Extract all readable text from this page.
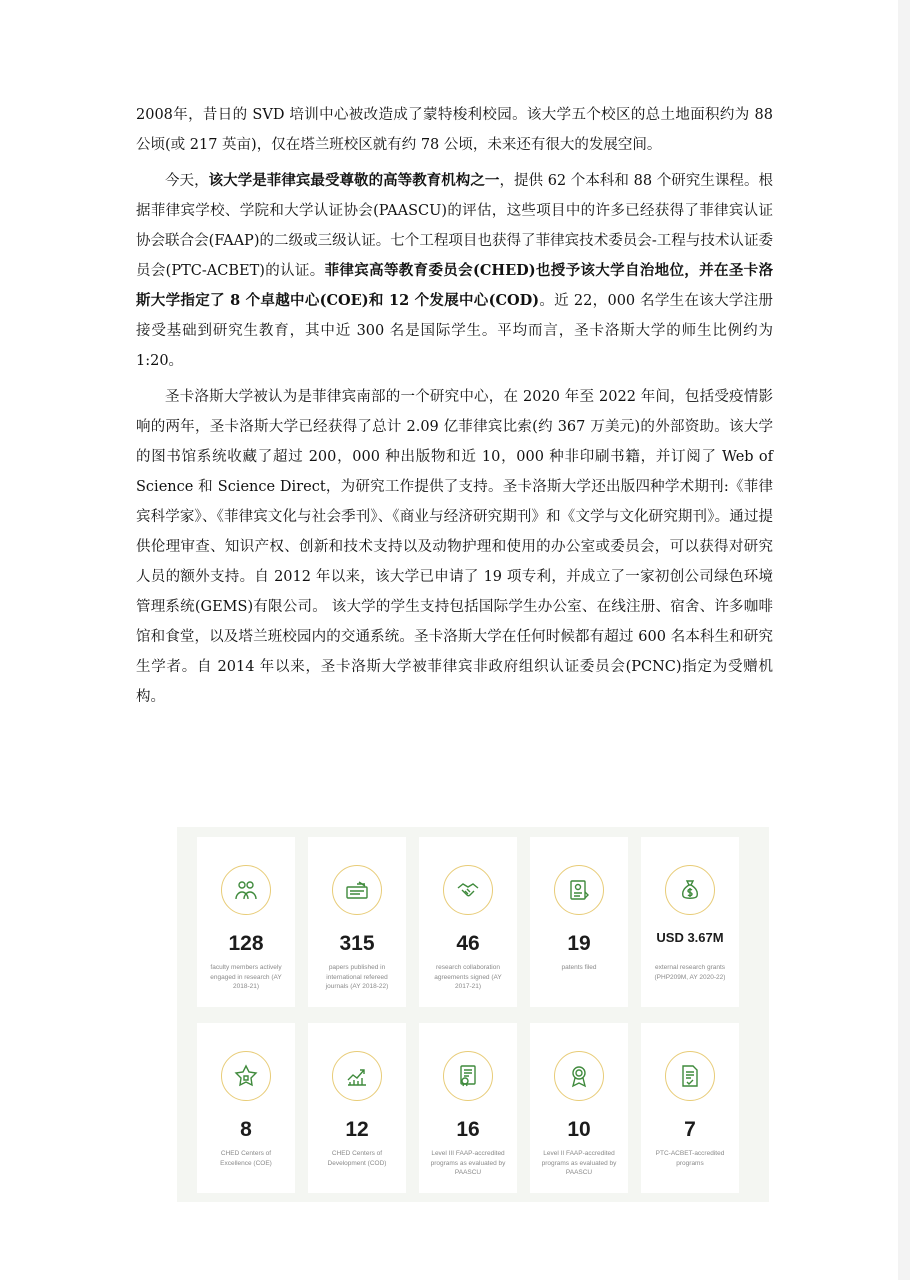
2008年，昔日的 SVD 培训中心被改造成了蒙特梭利校园。该大学五个校区的总土地面积约为 88 公顷(或 217 英亩)，仅在塔兰班校区就有约 78 公顷，未来还有很大的发展空间。

今天，该大学是菲律宾最受尊敬的高等教育机构之一，提供 62 个本科和 88 个研究生课程。根据菲律宾学校、学院和大学认证协会(PAASCU)的评估，这些项目中的许多已经获得了菲律宾认证协会联合会(FAAP)的二级或三级认证。七个工程项目也获得了菲律宾技术委员会-工程与技术认证委员会(PTC-ACBET)的认证。菲律宾高等教育委员会(CHED)也授予该大学自治地位，并在圣卡洛斯大学指定了 8 个卓越中心(COE)和 12 个发展中心(COD)。近 22，000 名学生在该大学注册接受基础到研究生教育，其中近 300 名是国际学生。平均而言，圣卡洛斯大学的师生比例约为 1:20。

圣卡洛斯大学被认为是菲律宾南部的一个研究中心，在 2020 年至 2022 年间，包括受疫情影响的两年，圣卡洛斯大学已经获得了总计 2.09 亿菲律宾比索(约 367 万美元)的外部资助。该大学的图书馆系统收藏了超过 200，000 种出版物和近 10，000 种非印刷书籍，并订阅了 Web of Science 和 Science Direct，为研究工作提供了支持。圣卡洛斯大学还出版四种学术期刊:《菲律宾科学家》、《菲律宾文化与社会季刊》、《商业与经济研究期刊》和《文学与文化研究期刊》。通过提供伦理审查、知识产权、创新和技术支持以及动物护理和使用的办公室或委员会，可以获得对研究人员的额外支持。自 2012 年以来，该大学已申请了 19 项专利，并成立了一家初创公司绿色环境管理系统(GEMS)有限公司。 该大学的学生支持包括国际学生办公室、在线注册、宿舍、许多咖啡馆和食堂，以及塔兰班校园内的交通系统。圣卡洛斯大学在任何时候都有超过 600 名本科生和研究生学者。自 2014 年以来，圣卡洛斯大学被菲律宾非政府组织认证委员会(PCNC)指定为受赠机构。

128
faculty members actively engaged in research (AY 2018-21)
315
papers published in international refereed journals (AY 2018-22)
46
research collaboration agreements signed (AY 2017-21)
19
patents filed
USD 3.67M
external research grants (PHP209M, AY 2020-22)
8
CHED Centers of Excellence (COE)
12
CHED Centers of Development (COD)
16
Level III FAAP-accredited programs as evaluated by PAASCU
10
Level II FAAP-accredited programs as evaluated by PAASCU
7
PTC-ACBET-accredited programs
